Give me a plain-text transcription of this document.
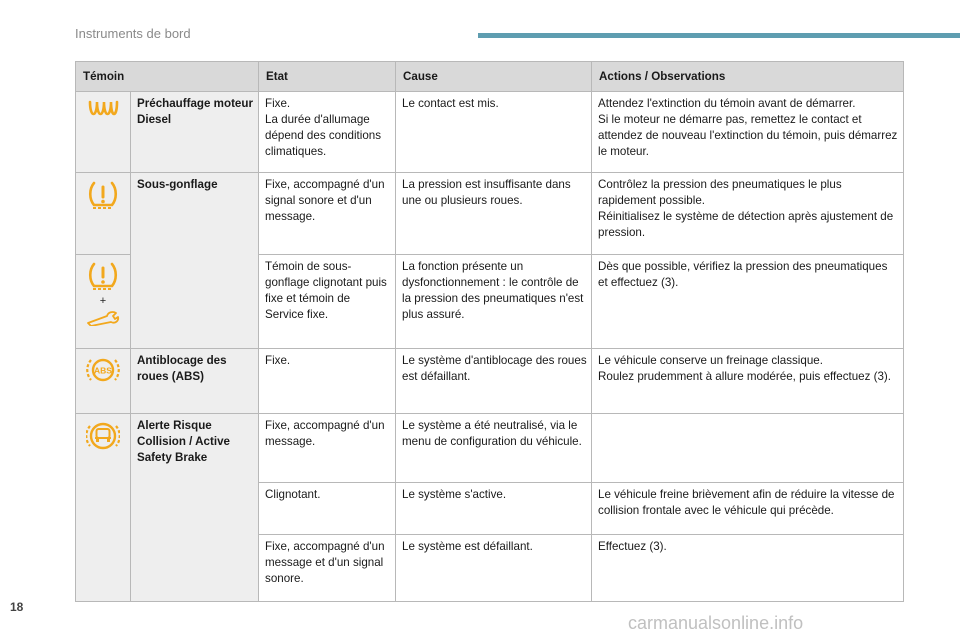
Instruments de bord
Témoin		Etat	Cause	Actions / Observations

	Préchauffage moteur Diesel	Fixe.
La durée d'allumage dépend des conditions climatiques.	Le contact est mis.	Attendez l'extinction du témoin avant de démarrer.
Si le moteur ne démarre pas, remettez le contact et attendez de nouveau l'extinction du témoin, puis démarrez le moteur.

	Sous-gonflage	Fixe, accompagné d'un signal sonore et d'un message.	La pression est insuffisante dans une ou plusieurs roues.	Contrôlez la pression des pneumatiques le plus rapidement possible.
Réinitialisez le système de détection après ajustement de pression.

+		Témoin de sous-gonflage clignotant puis fixe et témoin de Service fixe.	La fonction présente un dysfonctionnement : le contrôle de la pression des pneumatiques n'est plus assuré.	Dès que possible, vérifiez la pression des pneumatiques et effectuez (3).

ABS	Antiblocage des roues (ABS)	Fixe.	Le système d'antiblocage des roues est défaillant.	Le véhicule conserve un freinage classique.
Roulez prudemment à allure modérée, puis effectuez (3).

	Alerte Risque Collision / Active Safety Brake	Fixe, accompagné d'un message.	Le système a été neutralisé, via le menu de configuration du véhicule.	
		Clignotant.	Le système s'active.	Le véhicule freine brièvement afin de réduire la vitesse de collision frontale avec le véhicule qui précède.
		Fixe, accompagné d'un message et d'un signal sonore.	Le système est défaillant.	Effectuez (3).
18
carmanualsonline.info
